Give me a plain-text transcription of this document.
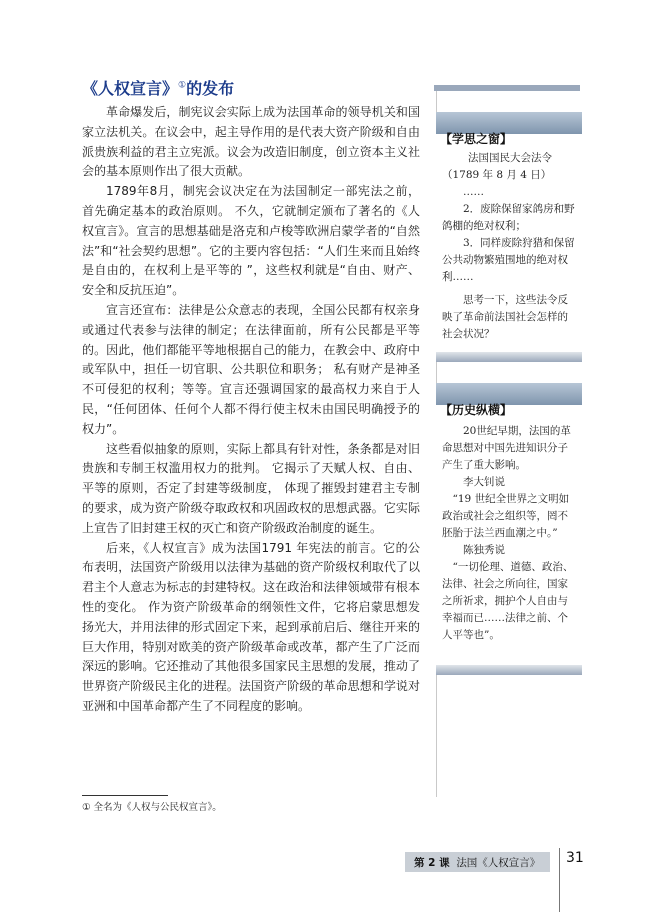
《人权宣言》①的发布

革命爆发后，制宪议会实际上成为法国革命的领导机关和国家立法机关。在议会中，起主导作用的是代表大资产阶级和自由派贵族利益的君主立宪派。议会为改造旧制度，创立资本主义社会的基本原则作出了很大贡献。

1789年8月，制宪会议决定在为法国制定一部宪法之前，首先确定基本的政治原则。 不久，它就制定颁布了著名的《人权宣言》。宣言的思想基础是洛克和卢梭等欧洲启蒙学者的“自然法”和“社会契约思想”。它的主要内容包括：“人们生来而且始终是自由的，在权利上是平等的 ”，这些权利就是“自由、财产、安全和反抗压迫”。

宣言还宣布：法律是公众意志的表现，全国公民都有权亲身或通过代表参与法律的制定；在法律面前，所有公民都是平等的。因此，他们都能平等地根据自己的能力，在教会中、政府中或军队中，担任一切官职、公共职位和职务； 私有财产是神圣不可侵犯的权利；等等。宣言还强调国家的最高权力来自于人民，“任何团体、任何个人都不得行使主权未由国民明确授予的权力”。

这些看似抽象的原则，实际上都具有针对性，条条都是对旧贵族和专制王权滥用权力的批判。 它揭示了天赋人权、自由、平等的原则，否定了封建等级制度， 体现了摧毁封建君主专制的要求，成为资产阶级夺取政权和巩固政权的思想武器。它实际上宣告了旧封建王权的灭亡和资产阶级政治制度的诞生。

后来，《人权宣言》成为法国1791 年宪法的前言。它的公布表明，法国资产阶级用以法律为基础的资产阶级权利取代了以君主个人意志为标志的封建特权。这在政治和法律领域带有根本性的变化。 作为资产阶级革命的纲领性文件，它将启蒙思想发扬光大，并用法律的形式固定下来，起到承前启后、继往开来的巨大作用，特别对欧美的资产阶级革命或改革，都产生了广泛而深远的影响。它还推动了其他很多国家民主思想的发展，推动了世界资产阶级民主化的进程。法国资产阶级的革命思想和学说对亚洲和中国革命都产生了不同程度的影响。

【学思之窗】
法国国民大会法令
（1789 年 8 月 4 日）
……
2．废除保留家鸽房和野鸽棚的绝对权利；
3．同样废除狩猎和保留公共动物繁殖围地的绝对权利……
思考一下，这些法令反映了革命前法国社会怎样的社会状况？
【历史纵横】
20世纪早期，法国的革命思想对中国先进知识分子产生了重大影响。
李大钊说
“19 世纪全世界之文明如政治或社会之组织等，罔不胚胎于法兰西血潮之中。”
陈独秀说
“一切伦理、道德、政治、法律、社会之所向往，国家之所祈求，拥护个人自由与幸福而已……法律之前、个人平等也”。
① 全名为《人权与公民权宣言》。
第 2 课 法国《人权宣言》 31
